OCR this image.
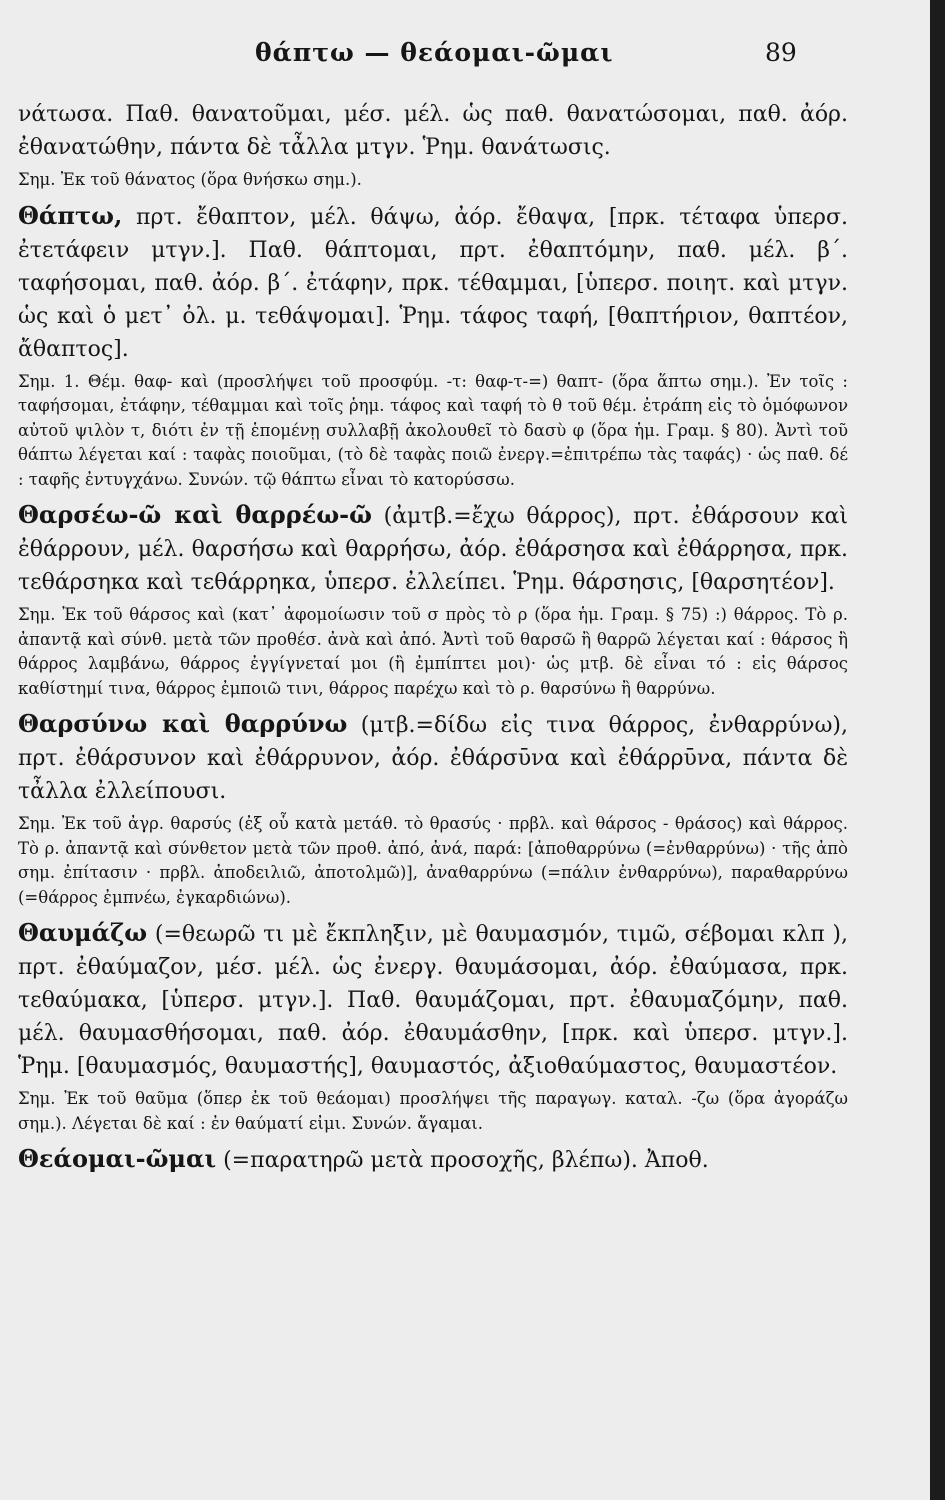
θάπτω — θεάομαι-ῶμαι	89

νάτωσα. Παθ. θανατοῦμαι, μέσ. μέλ. ὡς παθ. θανατώσομαι, παθ. ἀόρ. ἐθανατώθην, πάντα δὲ τἆλλα μτγν. Ῥημ. θανάτωσις.

Σημ. Ἐκ τοῦ θάνατος (ὅρα θνήσκω σημ.).

Θάπτω, πρτ. ἔθαπτον, μέλ. θάψω, ἀόρ. ἔθαψα, [πρκ. τέταφα ὑπερσ. ἐτετάφειν μτγν.]. Παθ. θάπτομαι, πρτ. ἐθαπτόμην, παθ. μέλ. β΄. ταφήσομαι, παθ. ἀόρ. β΄. ἐτάφην, πρκ. τέθαμμαι, [ὑπερσ. ποιητ. καὶ μτγν. ὡς καὶ ὁ μετ᾽ ὀλ. μ. τεθάψομαι]. Ῥημ. τάφος ταφή, [θαπτήριον, θαπτέον, ἄθαπτος].

Σημ. 1. Θέμ. θαφ- καὶ (προσλήψει τοῦ προσφύμ. -τ: θαφ-τ-=) θαπτ- (ὅρα ἅπτω σημ.). Ἐν τοῖς : ταφήσομαι, ἐτάφην, τέθαμμαι καὶ τοῖς ῥημ. τάφος καὶ ταφή τὸ θ τοῦ θέμ. ἐτράπη εἰς τὸ ὁμόφωνον αὐτοῦ ψιλὸν τ, διότι ἐν τῇ ἑπομένῃ συλλαβῇ ἀκολουθεῖ τὸ δασὺ φ (ὅρα ἡμ. Γραμ. § 80). Ἀντὶ τοῦ θάπτω λέγεται καί : ταφὰς ποιοῦμαι, (τὸ δὲ ταφὰς ποιῶ ἐνεργ.=ἐπιτρέπω τὰς ταφάς) · ὡς παθ. δέ : ταφῆς ἐντυγχάνω. Συνών. τῷ θάπτω εἶναι τὸ κατορύσσω.

Θαρσέω-ῶ καὶ θαρρέω-ῶ (ἀμτβ.=ἔχω θάρρος), πρτ. ἐθάρσουν καὶ ἐθάρρουν, μέλ. θαρσήσω καὶ θαρρήσω, ἀόρ. ἐθάρσησα καὶ ἐθάρρησα, πρκ. τεθάρσηκα καὶ τεθάρρηκα, ὑπερσ. ἐλλείπει. Ῥημ. θάρσησις, [θαρσητέον].

Σημ. Ἐκ τοῦ θάρσος καὶ (κατ᾽ ἀφομοίωσιν τοῦ σ πρὸς τὸ ρ (ὅρα ἡμ. Γραμ. § 75) :) θάρρος. Τὸ ρ. ἀπαντᾷ καὶ σύνθ. μετὰ τῶν προθέσ. ἀνὰ καὶ ἀπό. Ἀντὶ τοῦ θαρσῶ ἢ θαρρῶ λέγεται καί : θάρσος ἢ θάρρος λαμβάνω, θάρρος ἐγγίγνεταί μοι (ἢ ἐμπίπτει μοι)· ὡς μτβ. δὲ εἶναι τό : εἰς θάρσος καθίστημί τινα, θάρρος ἐμποιῶ τινι, θάρρος παρέχω καὶ τὸ ρ. θαρσύνω ἢ θαρρύνω.

Θαρσύνω καὶ θαρρύνω (μτβ.=δίδω εἰς τινα θάρρος, ἐνθαρρύνω), πρτ. ἐθάρσυνον καὶ ἐθάρρυνον, ἀόρ. ἐθάρσῡνα καὶ ἐθάρρῡνα, πάντα δὲ τἆλλα ἐλλείπουσι.

Σημ. Ἐκ τοῦ ἀγρ. θαρσύς (ἐξ οὗ κατὰ μετάθ. τὸ θρασύς · πρβλ. καὶ θάρσος - θράσος) καὶ θάρρος. Τὸ ρ. ἀπαντᾷ καὶ σύνθετον μετὰ τῶν προθ. ἀπό, ἀνά, παρά: [ἀποθαρρύνω (=ἐνθαρρύνω) · τῆς ἀπὸ σημ. ἐπίτασιν · πρβλ. ἀποδειλιῶ, ἀποτολμῶ)], ἀναθαρρύνω (=πάλιν ἐνθαρρύνω), παραθαρρύνω (=θάρρος ἐμπνέω, ἐγκαρδιώνω).

Θαυμάζω (=θεωρῶ τι μὲ ἔκπληξιν, μὲ θαυμασμόν, τιμῶ, σέβομαι κλπ ), πρτ. ἐθαύμαζον, μέσ. μέλ. ὡς ἐνεργ. θαυμάσομαι, ἀόρ. ἐθαύμασα, πρκ. τεθαύμακα, [ὑπερσ. μτγν.]. Παθ. θαυμάζομαι, πρτ. ἐθαυμαζόμην, παθ. μέλ. θαυμασθήσομαι, παθ. ἀόρ. ἐθαυμάσθην, [πρκ. καὶ ὑπερσ. μτγν.]. Ῥημ. [θαυμασμός, θαυμαστής], θαυμαστός, ἀξιοθαύμαστος, θαυμαστέον.

Σημ. Ἐκ τοῦ θαῦμα (ὅπερ ἐκ τοῦ θεάομαι) προσλήψει τῆς παραγωγ. καταλ. -ζω (ὅρα ἀγοράζω σημ.). Λέγεται δὲ καί : ἐν θαύματί εἰμι. Συνών. ἄγαμαι.

Θεάομαι-ῶμαι (=παρατηρῶ μετὰ προσοχῆς, βλέπω). Ἀποθ.
